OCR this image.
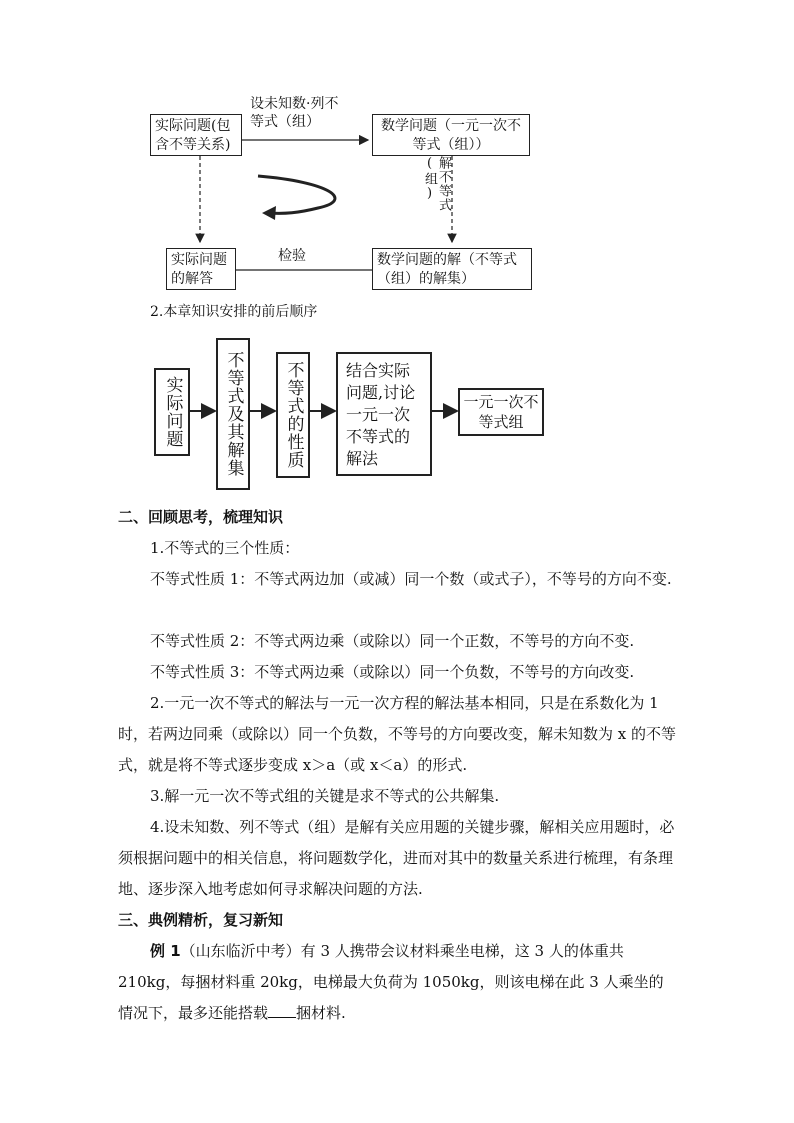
实际问题(包含不等关系)
设未知数·列不等式（组）	数学问题（一元一次不等式（组））
解不等式(组)
实际问题的解答
检验	数学问题的解（不等式（组）的解集）
2.本章知识安排的前后顺序
实际问题 不等式及其解集 不等式的性质	结合实际问题,讨论一元一次不等式的解法
一元一次不等式组
二、回顾思考，梳理知识
1.不等式的三个性质：
不等式性质 1：不等式两边加（或减）同一个数（或式子），不等号的方向不变.
不等式性质 2：不等式两边乘（或除以）同一个正数，不等号的方向不变.
不等式性质 3：不等式两边乘（或除以）同一个负数，不等号的方向改变.
2.一元一次不等式的解法与一元一次方程的解法基本相同，只是在系数化为 1 时，若两边同乘（或除以）同一个负数，不等号的方向要改变，解未知数为 x 的不等式，就是将不等式逐步变成 x＞a（或 x＜a）的形式.
3.解一元一次不等式组的关键是求不等式的公共解集.
4.设未知数、列不等式（组）是解有关应用题的关键步骤，解相关应用题时，必须根据问题中的相关信息，将问题数学化，进而对其中的数量关系进行梳理，有条理地、逐步深入地考虑如何寻求解决问题的方法.
三、典例精析，复习新知
例 1（山东临沂中考）有 3 人携带会议材料乘坐电梯，这 3 人的体重共 210kg，每捆材料重 20kg，电梯最大负荷为 1050kg，则该电梯在此 3 人乘坐的情况下，最多还能搭载 捆材料.
